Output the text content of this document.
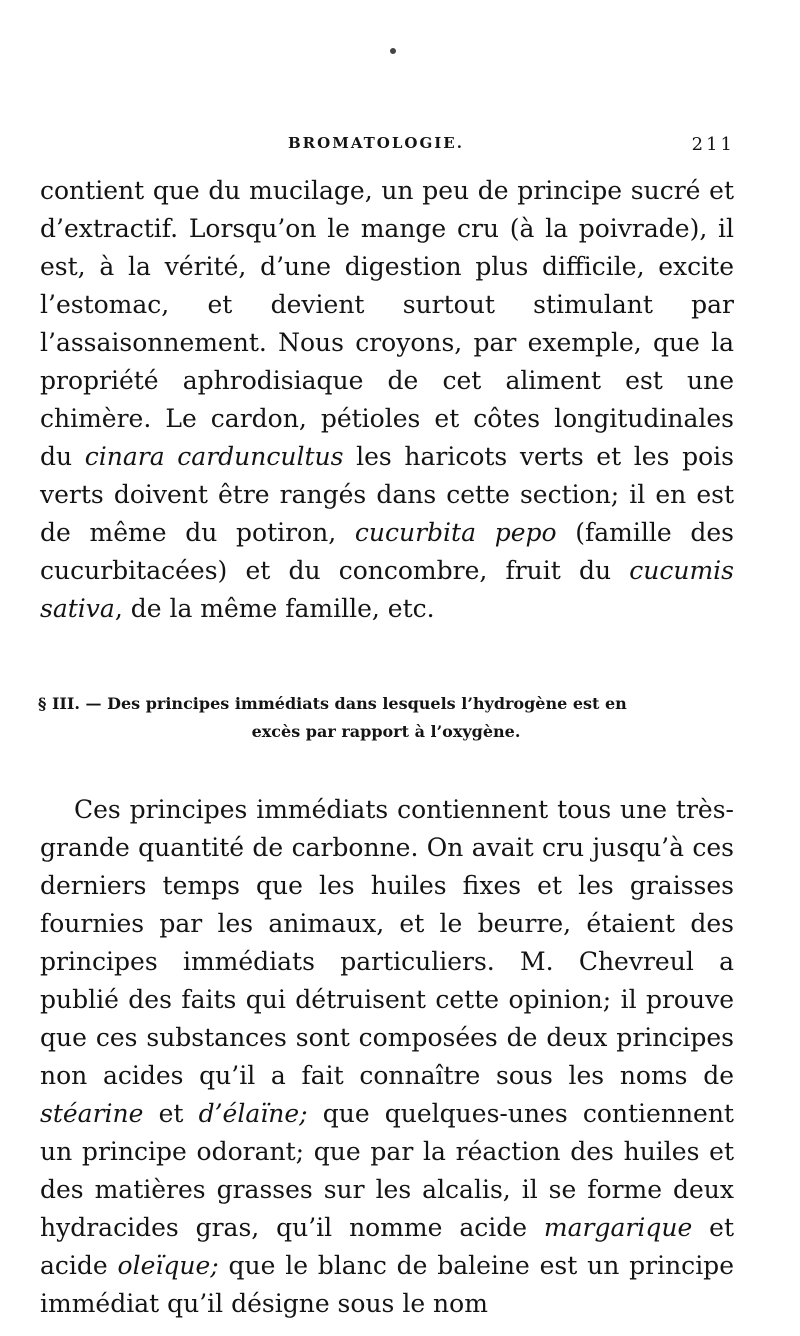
BROMATOLOGIE.	211

contient que du mucilage, un peu de principe sucré et d’extractif. Lorsqu’on le mange cru (à la poivrade), il est, à la vérité, d’une digestion plus difficile, excite l’estomac, et devient surtout stimulant par l’assaisonnement. Nous croyons, par exemple, que la propriété aphrodisiaque de cet aliment est une chimère. Le cardon, pétioles et côtes longitudinales du cinara carduncultus les haricots verts et les pois verts doivent être rangés dans cette section; il en est de même du potiron, cucurbita pepo (famille des cucurbitacées) et du concombre, fruit du cucumis sativa, de la même famille, etc.

§ III. — Des principes immédiats dans lesquels l’hydrogène est en
excès par rapport à l’oxygène.

Ces principes immédiats contiennent tous une très-grande quantité de carbonne. On avait cru jusqu’à ces derniers temps que les huiles fixes et les graisses fournies par les animaux, et le beurre, étaient des principes immédiats particuliers. M. Chevreul a publié des faits qui détruisent cette opinion; il prouve que ces substances sont composées de deux principes non acides qu’il a fait connaître sous les noms de stéarine et d’élaïne; que quelques-unes contiennent un principe odorant; que par la réaction des huiles et des matières grasses sur les alcalis, il se forme deux hydracides gras, qu’il nomme acide margarique et acide oleïque; que le blanc de baleine est un principe immédiat qu’il désigne sous le nom
